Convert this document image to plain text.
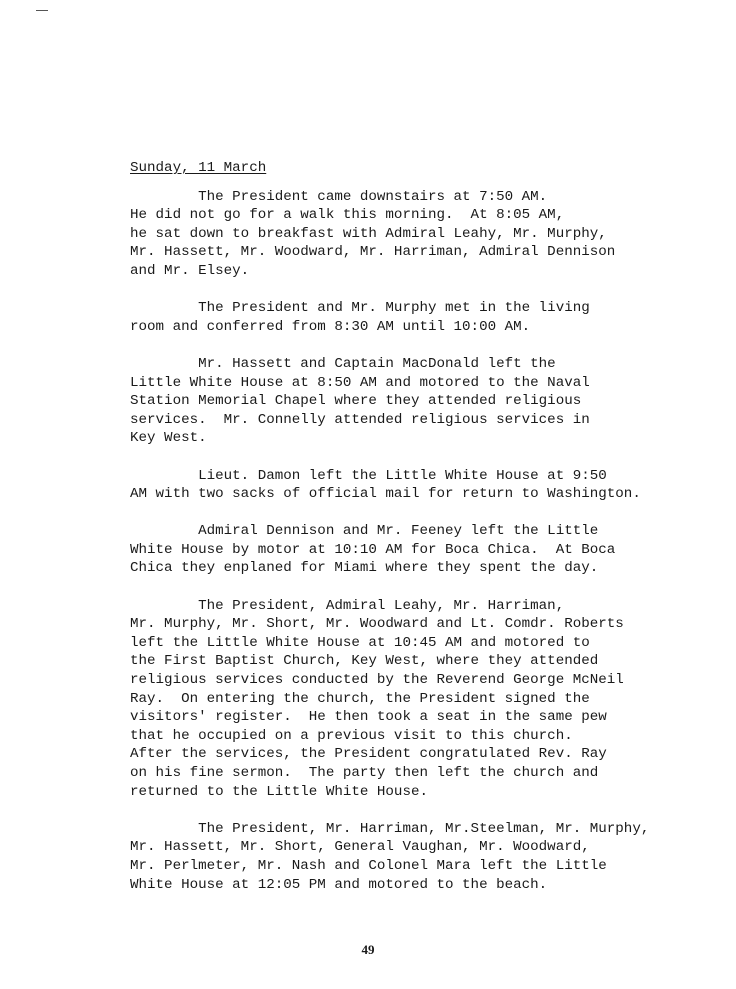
Sunday, 11 March
The President came downstairs at 7:50 AM.
He did not go for a walk this morning.  At 8:05 AM,
he sat down to breakfast with Admiral Leahy, Mr. Murphy,
Mr. Hassett, Mr. Woodward, Mr. Harriman, Admiral Dennison
and Mr. Elsey.
The President and Mr. Murphy met in the living
room and conferred from 8:30 AM until 10:00 AM.
Mr. Hassett and Captain MacDonald left the
Little White House at 8:50 AM and motored to the Naval
Station Memorial Chapel where they attended religious
services.  Mr. Connelly attended religious services in
Key West.
Lieut. Damon left the Little White House at 9:50
AM with two sacks of official mail for return to Washington.
Admiral Dennison and Mr. Feeney left the Little
White House by motor at 10:10 AM for Boca Chica.  At Boca
Chica they enplaned for Miami where they spent the day.
The President, Admiral Leahy, Mr. Harriman,
Mr. Murphy, Mr. Short, Mr. Woodward and Lt. Comdr. Roberts
left the Little White House at 10:45 AM and motored to
the First Baptist Church, Key West, where they attended
religious services conducted by the Reverend George McNeil
Ray.  On entering the church, the President signed the
visitors' register.  He then took a seat in the same pew
that he occupied on a previous visit to this church.
After the services, the President congratulated Rev. Ray
on his fine sermon.  The party then left the church and
returned to the Little White House.
The President, Mr. Harriman, Mr.Steelman, Mr. Murphy,
Mr. Hassett, Mr. Short, General Vaughan, Mr. Woodward,
Mr. Perlmeter, Mr. Nash and Colonel Mara left the Little
White House at 12:05 PM and motored to the beach.
49
